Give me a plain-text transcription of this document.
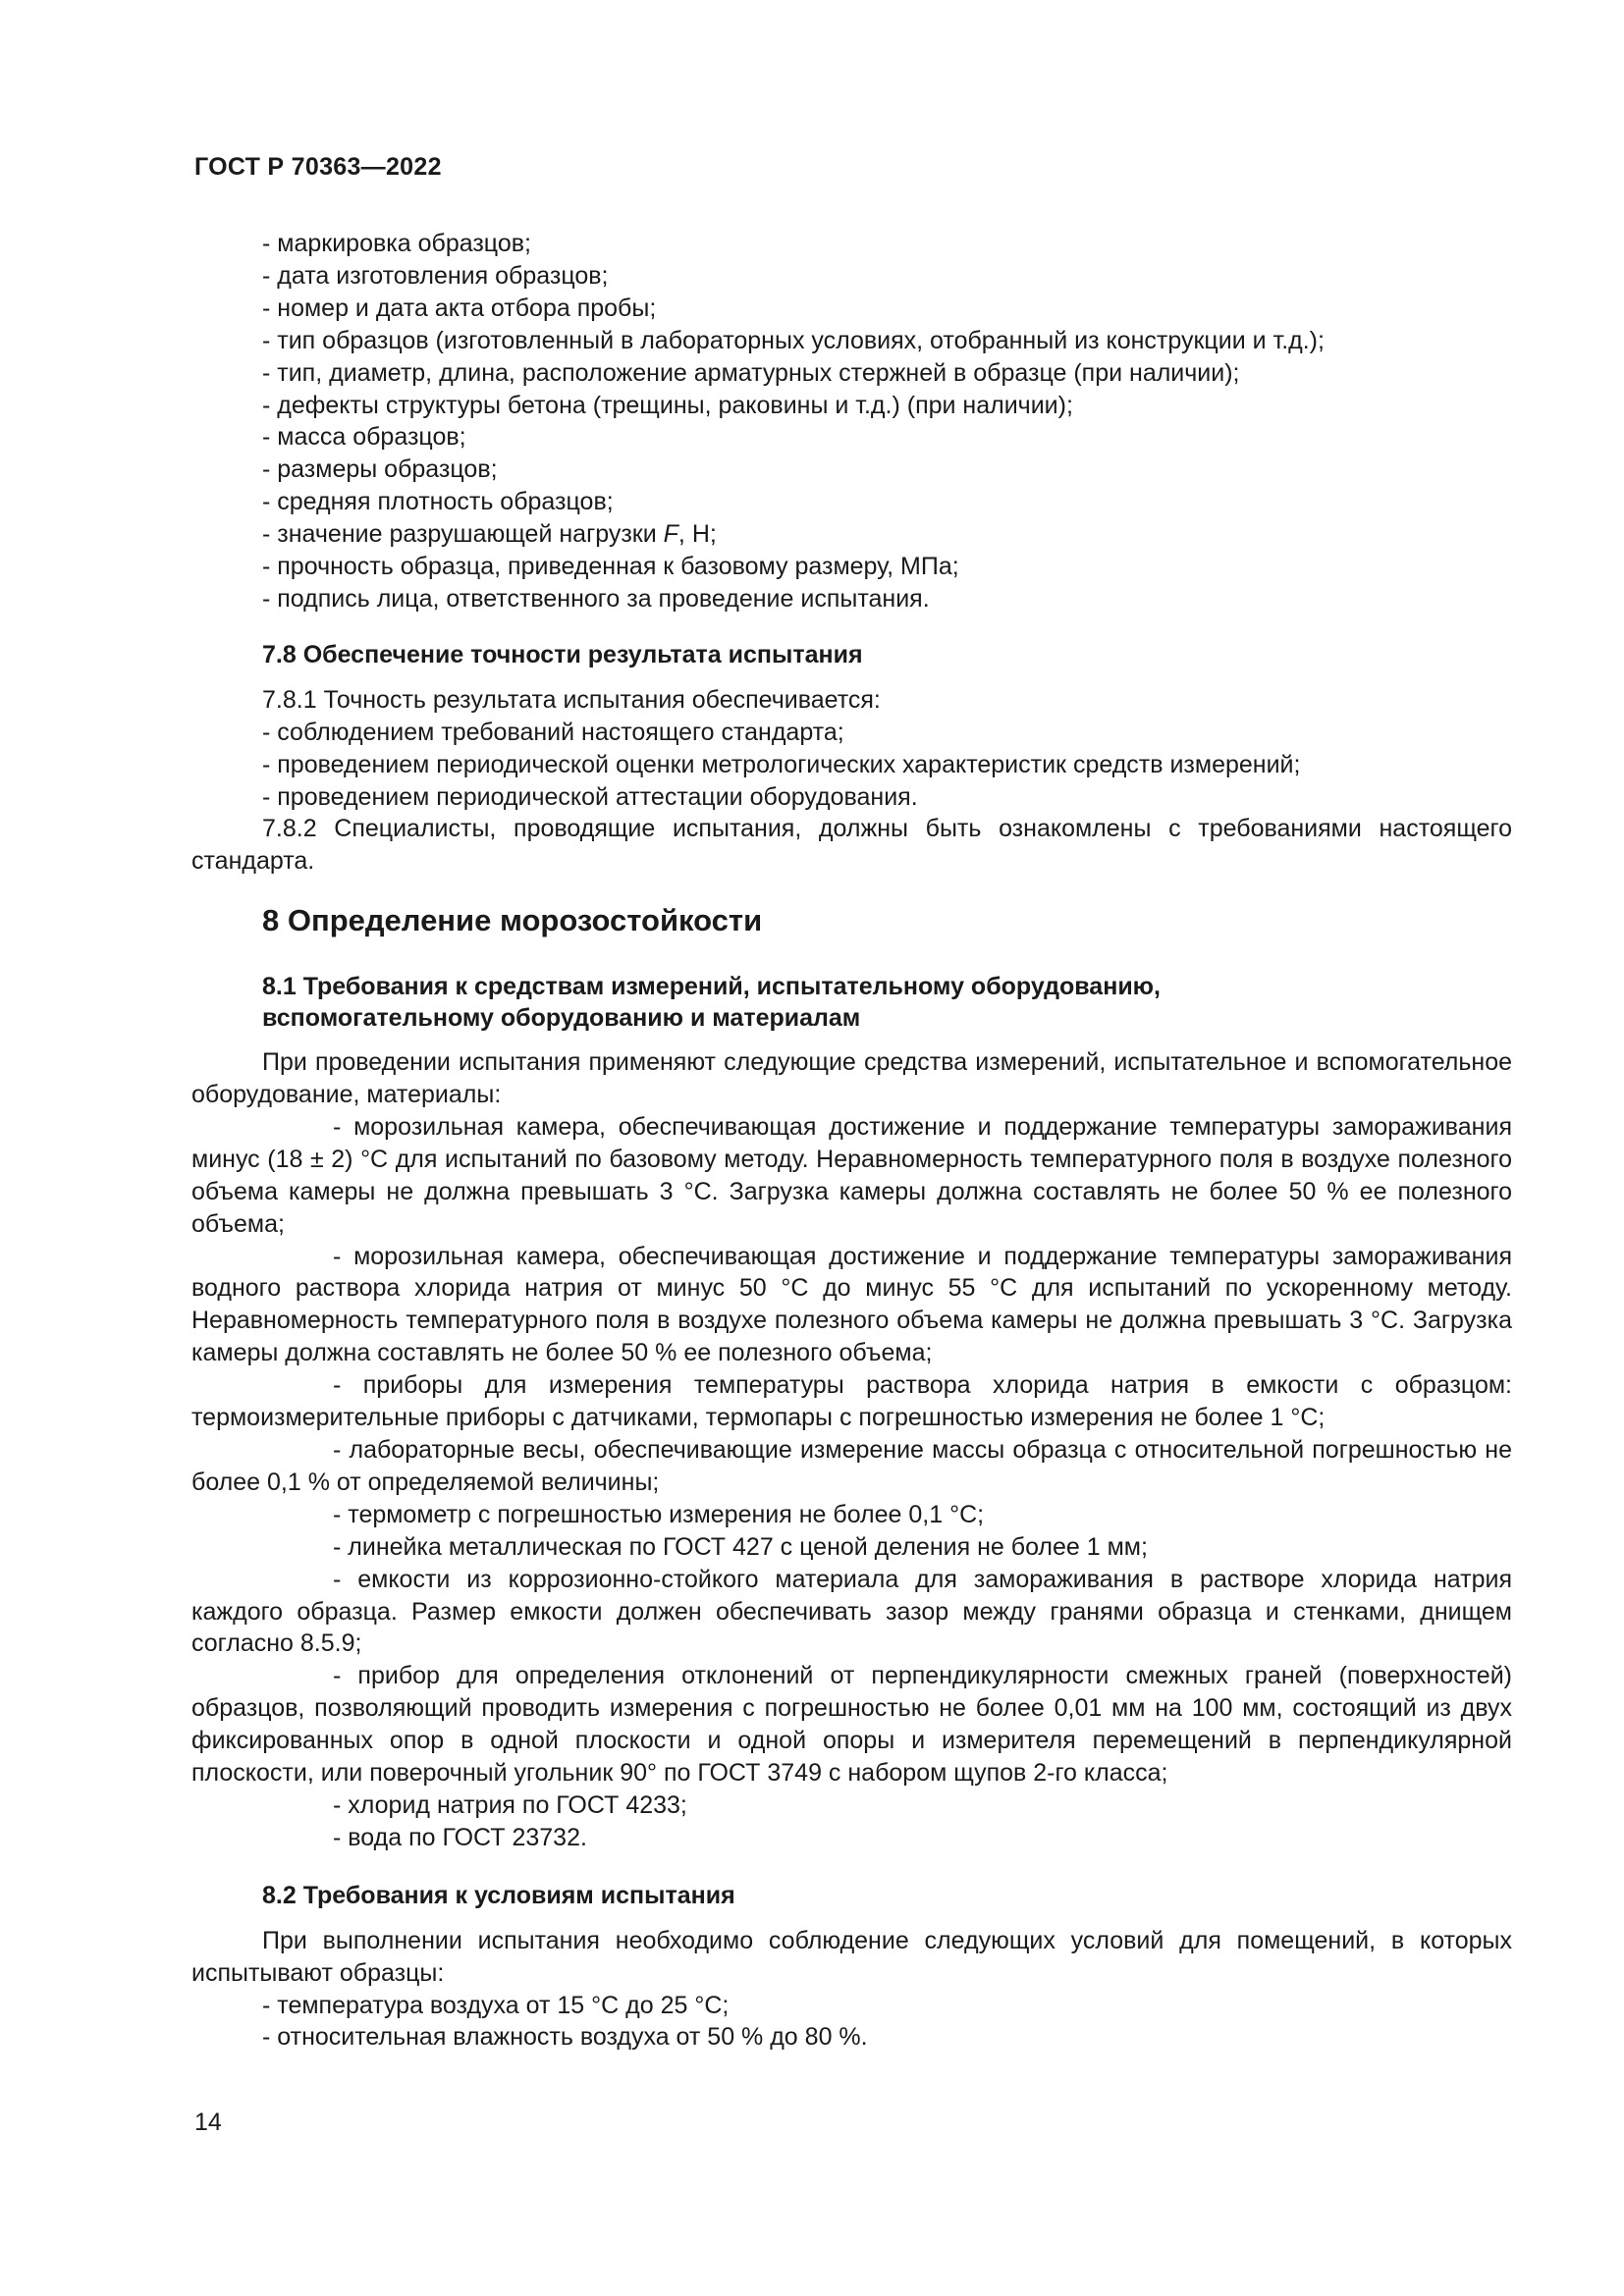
ГОСТ Р 70363—2022

- маркировка образцов;

- дата изготовления образцов;

- номер и дата акта отбора пробы;

- тип образцов (изготовленный в лабораторных условиях, отобранный из конструкции и т.д.);

- тип, диаметр, длина, расположение арматурных стержней в образце (при наличии);

- дефекты структуры бетона (трещины, раковины и т.д.) (при наличии);

- масса образцов;

- размеры образцов;

- средняя плотность образцов;

- значение разрушающей нагрузки F, Н;

- прочность образца, приведенная к базовому размеру, МПа;

- подпись лица, ответственного за проведение испытания.

7.8 Обеспечение точности результата испытания

7.8.1 Точность результата испытания обеспечивается:

- соблюдением требований настоящего стандарта;

- проведением периодической оценки метрологических характеристик средств измерений;

- проведением периодической аттестации оборудования.

7.8.2 Специалисты, проводящие испытания, должны быть ознакомлены с требованиями настоящего стандарта.

8 Определение морозостойкости

8.1 Требования к средствам измерений, испытательному оборудованию,
вспомогательному оборудованию и материалам

При проведении испытания применяют следующие средства измерений, испытательное и вспомогательное оборудование, материалы:

- морозильная камера, обеспечивающая достижение и поддержание температуры замораживания минус (18 ± 2) °С для испытаний по базовому методу. Неравномерность температурного поля в воздухе полезного объема камеры не должна превышать 3 °С. Загрузка камеры должна составлять не более 50 % ее полезного объема;

- морозильная камера, обеспечивающая достижение и поддержание температуры замораживания водного раствора хлорида натрия от минус 50 °С до минус 55 °С для испытаний по ускоренному методу. Неравномерность температурного поля в воздухе полезного объема камеры не должна превышать 3 °С. Загрузка камеры должна составлять не более 50 % ее полезного объема;

- приборы для измерения температуры раствора хлорида натрия в емкости с образцом: термоизмерительные приборы с датчиками, термопары с погрешностью измерения не более 1 °С;

- лабораторные весы, обеспечивающие измерение массы образца с относительной погрешностью не более 0,1 % от определяемой величины;

- термометр с погрешностью измерения не более 0,1 °С;

- линейка металлическая по ГОСТ 427 с ценой деления не более 1 мм;

- емкости из коррозионно-стойкого материала для замораживания в растворе хлорида натрия каждого образца. Размер емкости должен обеспечивать зазор между гранями образца и стенками, днищем согласно 8.5.9;

- прибор для определения отклонений от перпендикулярности смежных граней (поверхностей) образцов, позволяющий проводить измерения с погрешностью не более 0,01 мм на 100 мм, состоящий из двух фиксированных опор в одной плоскости и одной опоры и измерителя перемещений в перпендикулярной плоскости, или поверочный угольник 90° по ГОСТ 3749 с набором щупов 2-го класса;

- хлорид натрия по ГОСТ 4233;

- вода по ГОСТ 23732.

8.2 Требования к условиям испытания

При выполнении испытания необходимо соблюдение следующих условий для помещений, в которых испытывают образцы:

- температура воздуха от 15 °С до 25 °С;

- относительная влажность воздуха от 50 % до 80 %.

14
